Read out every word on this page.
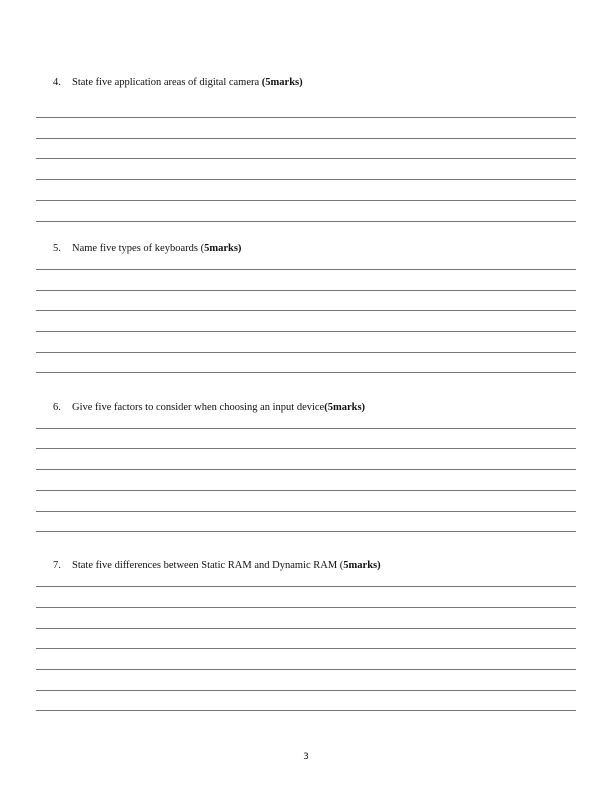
4. State five application areas of digital camera (5marks)
5. Name five types of keyboards (5marks)
6. Give five factors to consider when choosing an input device(5marks)
7. State five differences between Static RAM and Dynamic RAM (5marks)
3
